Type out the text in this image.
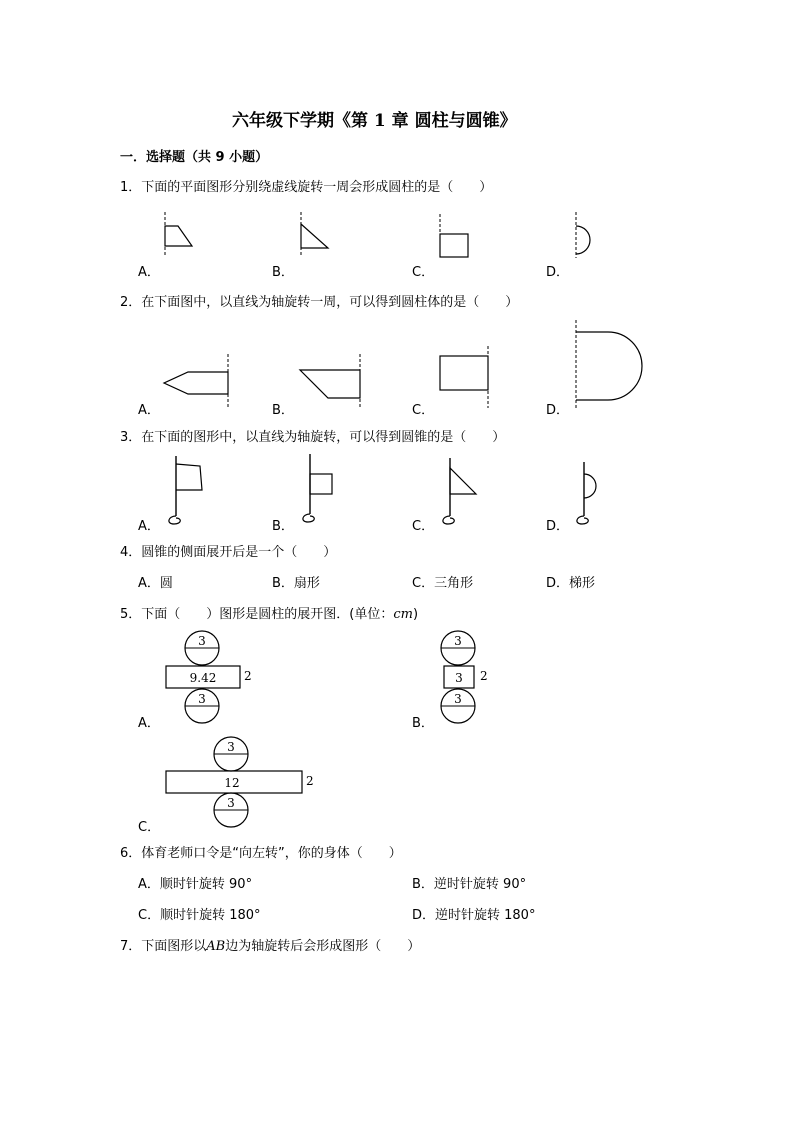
六年级下学期《第 1 章 圆柱与圆锥》
一．选择题（共 9 小题）
1．下面的平面图形分别绕虚线旋转一周会形成圆柱的是（　　）
A．	B．	C．	D．
2．在下面图中，以直线为轴旋转一周，可以得到圆柱体的是（　　）
A．	B．	C．	D．
3．在下面的图形中，以直线为轴旋转，可以得到圆锥的是（　　）
A．	B．	C．	D．
4．圆锥的侧面展开后是一个（　　）
A．圆	B．扇形	C．三角形	D．梯形
5．下面（　　）图形是圆柱的展开图．(单位：cm)
3
9.42 2
3
A．
3
3 2
3
B．
3
12	2
3
C．
6．体育老师口令是“向左转”，你的身体（　　）
A．顺时针旋转 90°	B．逆时针旋转 90°
C．顺时针旋转 180°	D．逆时针旋转 180°
7．下面图形以AB边为轴旋转后会形成图形（　　）
